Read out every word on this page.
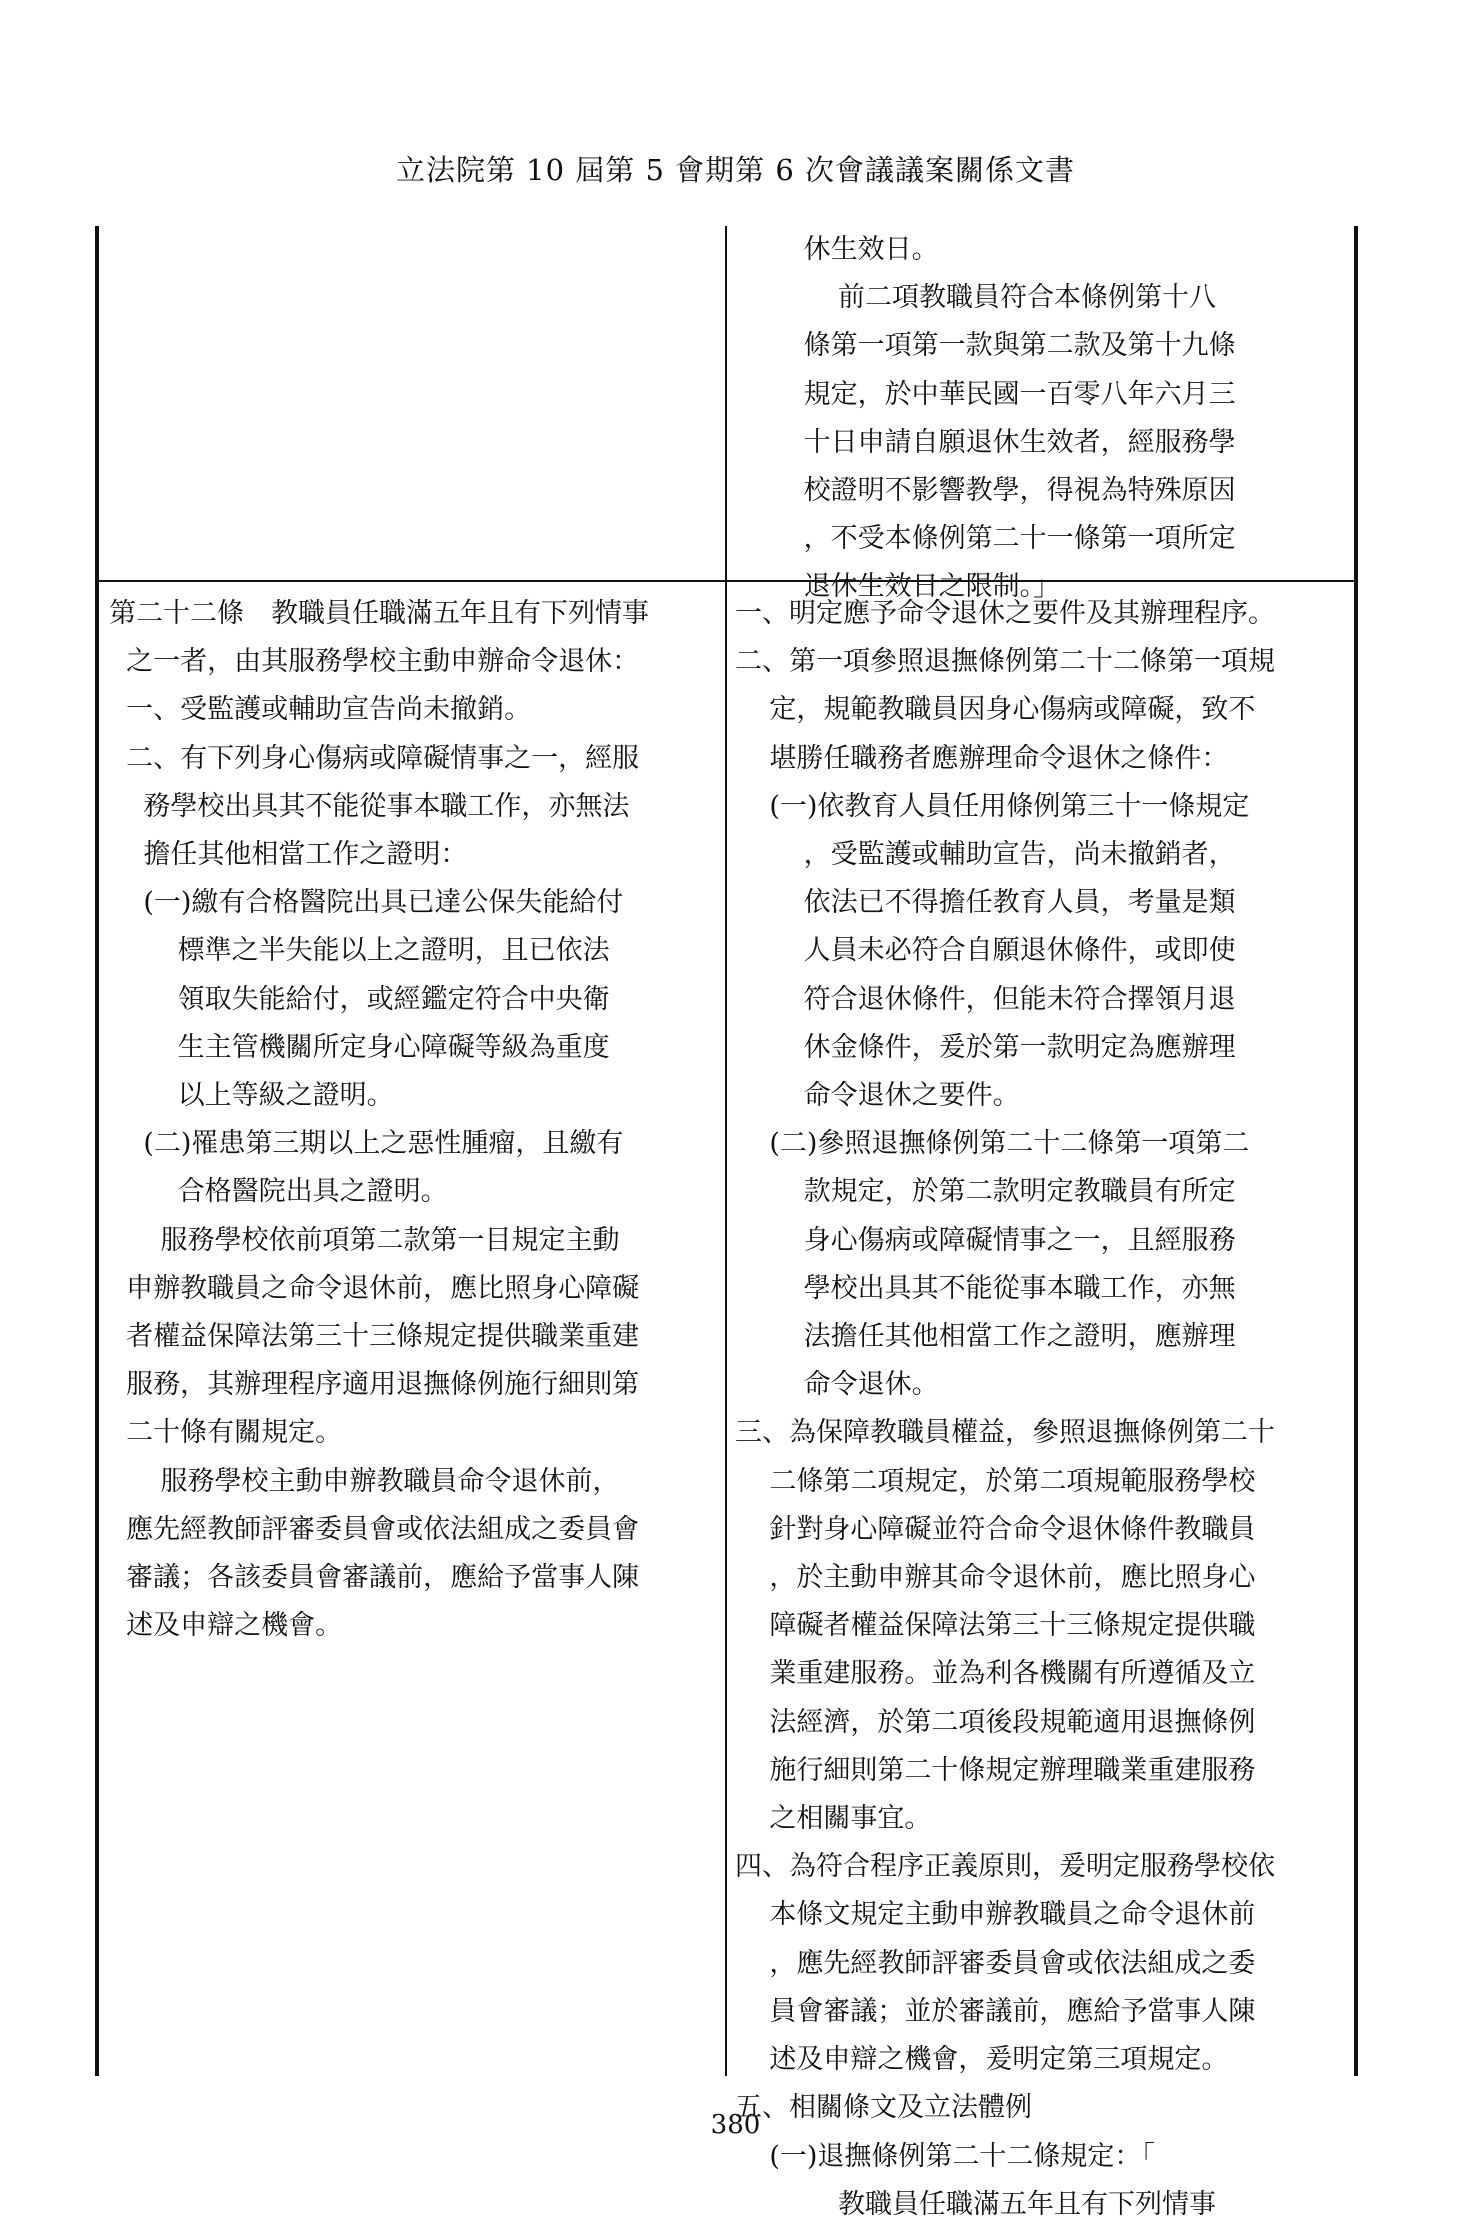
立法院第 10 屆第 5 會期第 6 次會議議案關係文書
休生效日。
前二項教職員符合本條例第十八
條第一項第一款與第二款及第十九條
規定，於中華民國一百零八年六月三
十日申請自願退休生效者，經服務學
校證明不影響教學，得視為特殊原因
，不受本條例第二十一條第一項所定
退休生效日之限制。」
第二十二條　教職員任職滿五年且有下列情事
之一者，由其服務學校主動申辦命令退休：
一、受監護或輔助宣告尚未撤銷。
二、有下列身心傷病或障礙情事之一，經服
務學校出具其不能從事本職工作，亦無法
擔任其他相當工作之證明：
(一)繳有合格醫院出具已達公保失能給付
標準之半失能以上之證明，且已依法
領取失能給付，或經鑑定符合中央衛
生主管機關所定身心障礙等級為重度
以上等級之證明。
(二)罹患第三期以上之惡性腫瘤，且繳有
合格醫院出具之證明。
服務學校依前項第二款第一目規定主動
申辦教職員之命令退休前，應比照身心障礙
者權益保障法第三十三條規定提供職業重建
服務，其辦理程序適用退撫條例施行細則第
二十條有關規定。
服務學校主動申辦教職員命令退休前，
應先經教師評審委員會或依法組成之委員會
審議；各該委員會審議前，應給予當事人陳
述及申辯之機會。
一、明定應予命令退休之要件及其辦理程序。
二、第一項參照退撫條例第二十二條第一項規
定，規範教職員因身心傷病或障礙，致不
堪勝任職務者應辦理命令退休之條件：
(一)依教育人員任用條例第三十一條規定
，受監護或輔助宣告，尚未撤銷者，
依法已不得擔任教育人員，考量是類
人員未必符合自願退休條件，或即使
符合退休條件，但能未符合擇領月退
休金條件，爰於第一款明定為應辦理
命令退休之要件。
(二)參照退撫條例第二十二條第一項第二
款規定，於第二款明定教職員有所定
身心傷病或障礙情事之一，且經服務
學校出具其不能從事本職工作，亦無
法擔任其他相當工作之證明，應辦理
命令退休。
三、為保障教職員權益，參照退撫條例第二十
二條第二項規定，於第二項規範服務學校
針對身心障礙並符合命令退休條件教職員
，於主動申辦其命令退休前，應比照身心
障礙者權益保障法第三十三條規定提供職
業重建服務。並為利各機關有所遵循及立
法經濟，於第二項後段規範適用退撫條例
施行細則第二十條規定辦理職業重建服務
之相關事宜。
四、為符合程序正義原則，爰明定服務學校依
本條文規定主動申辦教職員之命令退休前
，應先經教師評審委員會或依法組成之委
員會審議；並於審議前，應給予當事人陳
述及申辯之機會，爰明定第三項規定。
五、相關條文及立法體例
(一)退撫條例第二十二條規定：「
教職員任職滿五年且有下列情事
380
